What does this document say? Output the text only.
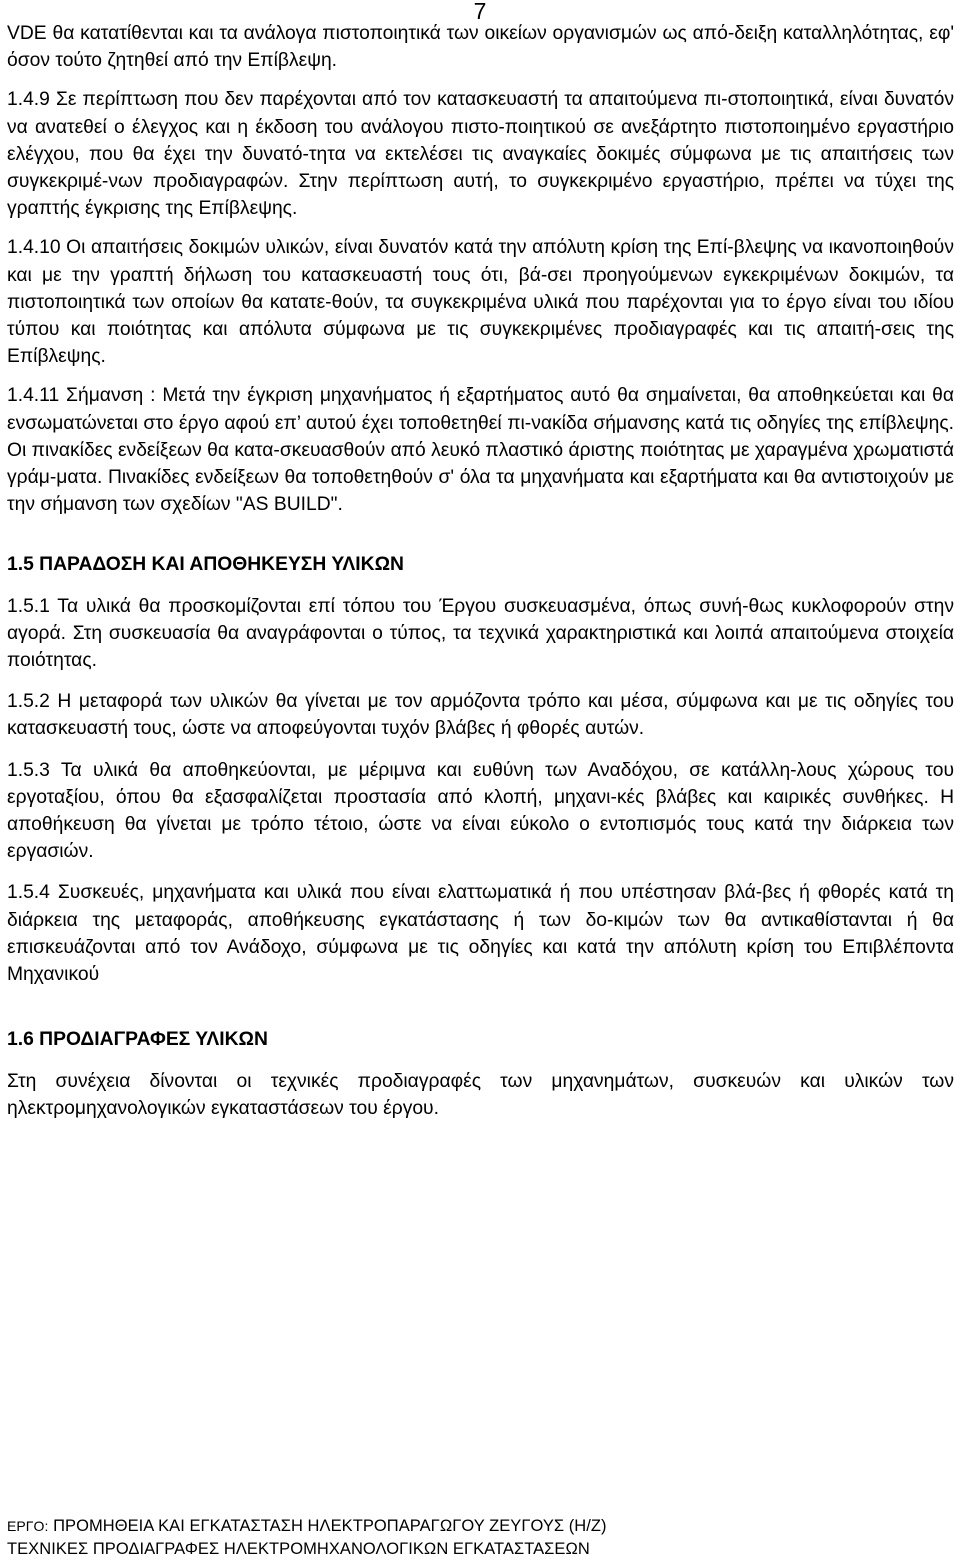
7

VDE θα κατατίθενται και τα ανάλογα πιστοποιητικά των οικείων οργανισμών ως από-δειξη καταλληλότητας, εφ' όσον τούτο ζητηθεί από την Επίβλεψη.

1.4.9 Σε περίπτωση που δεν παρέχονται από τον κατασκευαστή τα απαιτούμενα πι-στοποιητικά, είναι δυνατόν να ανατεθεί ο έλεγχος και η έκδοση του ανάλογου πιστο-ποιητικού σε ανεξάρτητο πιστοποιημένο εργαστήριο ελέγχου, που θα έχει την δυνατό-τητα να εκτελέσει τις αναγκαίες δοκιμές σύμφωνα με τις απαιτήσεις των συγκεκριμέ-νων προδιαγραφών. Στην περίπτωση αυτή, το συγκεκριμένο εργαστήριο, πρέπει να τύχει της γραπτής έγκρισης της Επίβλεψης.

1.4.10 Οι απαιτήσεις δοκιμών υλικών, είναι δυνατόν κατά την απόλυτη κρίση της Επί-βλεψης να ικανοποιηθούν και με την γραπτή δήλωση του κατασκευαστή τους ότι, βά-σει προηγούμενων εγκεκριμένων δοκιμών, τα πιστοποιητικά των οποίων θα κατατε-θούν, τα συγκεκριμένα υλικά που παρέχονται για το έργο είναι του ιδίου τύπου και ποιότητας και απόλυτα σύμφωνα με τις συγκεκριμένες προδιαγραφές και τις απαιτή-σεις της Επίβλεψης.

1.4.11 Σήμανση : Μετά την έγκριση μηχανήματος ή εξαρτήματος αυτό θα σημαίνεται, θα αποθηκεύεται και θα ενσωματώνεται στο έργο αφού επ’ αυτού έχει τοποθετηθεί πι-νακίδα σήμανσης κατά τις οδηγίες της επίβλεψης. Οι πινακίδες ενδείξεων θα κατα-σκευασθούν από λευκό πλαστικό άριστης ποιότητας με χαραγμένα χρωματιστά γράμ-ματα. Πινακίδες ενδείξεων θα τοποθετηθούν σ' όλα τα μηχανήματα και εξαρτήματα και θα αντιστοιχούν με την σήμανση των σχεδίων "AS BUILD".

1.5 ΠΑΡΑΔΟΣΗ ΚΑΙ ΑΠΟΘΗΚΕΥΣΗ ΥΛΙΚΩΝ

1.5.1 Τα υλικά θα προσκομίζονται επί τόπου του Έργου συσκευασμένα, όπως συνή-θως κυκλοφορούν στην αγορά. Στη συσκευασία θα αναγράφονται ο τύπος, τα τεχνικά χαρακτηριστικά και λοιπά απαιτούμενα στοιχεία ποιότητας.

1.5.2 Η μεταφορά των υλικών θα γίνεται με τον αρμόζοντα τρόπο και μέσα, σύμφωνα και με τις οδηγίες του κατασκευαστή τους, ώστε να αποφεύγονται τυχόν βλάβες ή φθορές αυτών.

1.5.3 Τα υλικά θα αποθηκεύονται, με μέριμνα και ευθύνη των Αναδόχου, σε κατάλλη-λους χώρους του εργοταξίου, όπου θα εξασφαλίζεται προστασία από κλοπή, μηχανι-κές βλάβες και καιρικές συνθήκες. Η αποθήκευση θα γίνεται με τρόπο τέτοιο, ώστε να είναι εύκολο ο εντοπισμός τους κατά την διάρκεια των εργασιών.

1.5.4 Συσκευές, μηχανήματα και υλικά που είναι ελαττωματικά ή που υπέστησαν βλά-βες ή φθορές κατά τη διάρκεια της μεταφοράς, αποθήκευσης εγκατάστασης ή των δο-κιμών των θα αντικαθίστανται ή θα επισκευάζονται από τον Ανάδοχο, σύμφωνα με τις οδηγίες και κατά την απόλυτη κρίση του Επιβλέποντα Μηχανικού

1.6 ΠΡΟΔΙΑΓΡΑΦΕΣ ΥΛΙΚΩΝ

Στη συνέχεια δίνονται οι τεχνικές προδιαγραφές των μηχανημάτων, συσκευών και υλικών των ηλεκτρομηχανολογικών εγκαταστάσεων του έργου.

ΕΡΓΟ: ΠΡΟΜΗΘΕΙΑ ΚΑΙ ΕΓΚΑΤΑΣΤΑΣΗ ΗΛΕΚΤΡΟΠΑΡΑΓΩΓΟΥ ΖΕΥΓΟΥΣ (Η/Ζ)
ΤΕΧΝΙΚΕΣ ΠΡΟΔΙΑΓΡΑΦΕΣ ΗΛΕΚΤΡΟΜΗΧΑΝΟΛΟΓΙΚΩΝ ΕΓΚΑΤΑΣΤΑΣΕΩΝ
